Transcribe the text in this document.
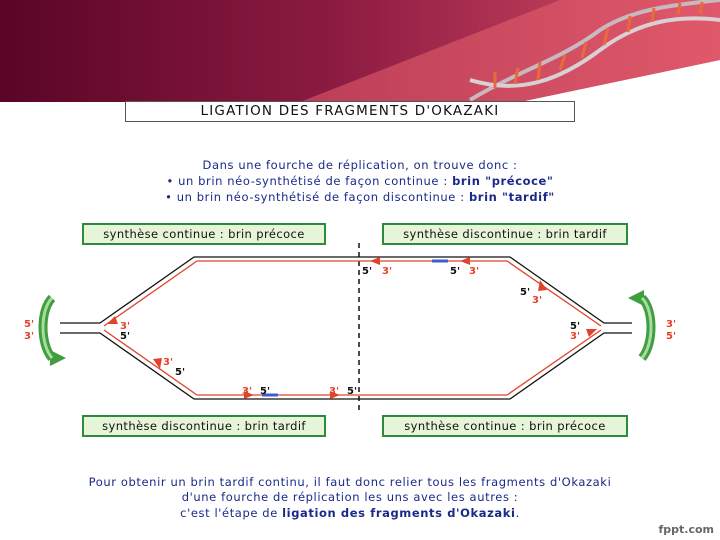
LIGATION DES FRAGMENTS D'OKAZAKI
Dans une fourche de réplication, on trouve donc :
• un brin néo-synthétisé de façon continue : brin "précoce"
• un brin néo-synthétisé de façon discontinue : brin "tardif"
synthèse continue : brin précoce	synthèse discontinue : brin tardif
5'
3'
3'
5'
3'
5'
5'
3'
5' 3'	5' 3'
5'
3'
3'
5'
3' 5'	3' 5'
synthèse discontinue : brin tardif	synthèse continue : brin précoce
Pour obtenir un brin tardif continu, il faut donc relier tous les fragments d'Okazaki
d'une fourche de réplication les uns avec les autres :
c'est l'étape de ligation des fragments d'Okazaki.
fppt.com
